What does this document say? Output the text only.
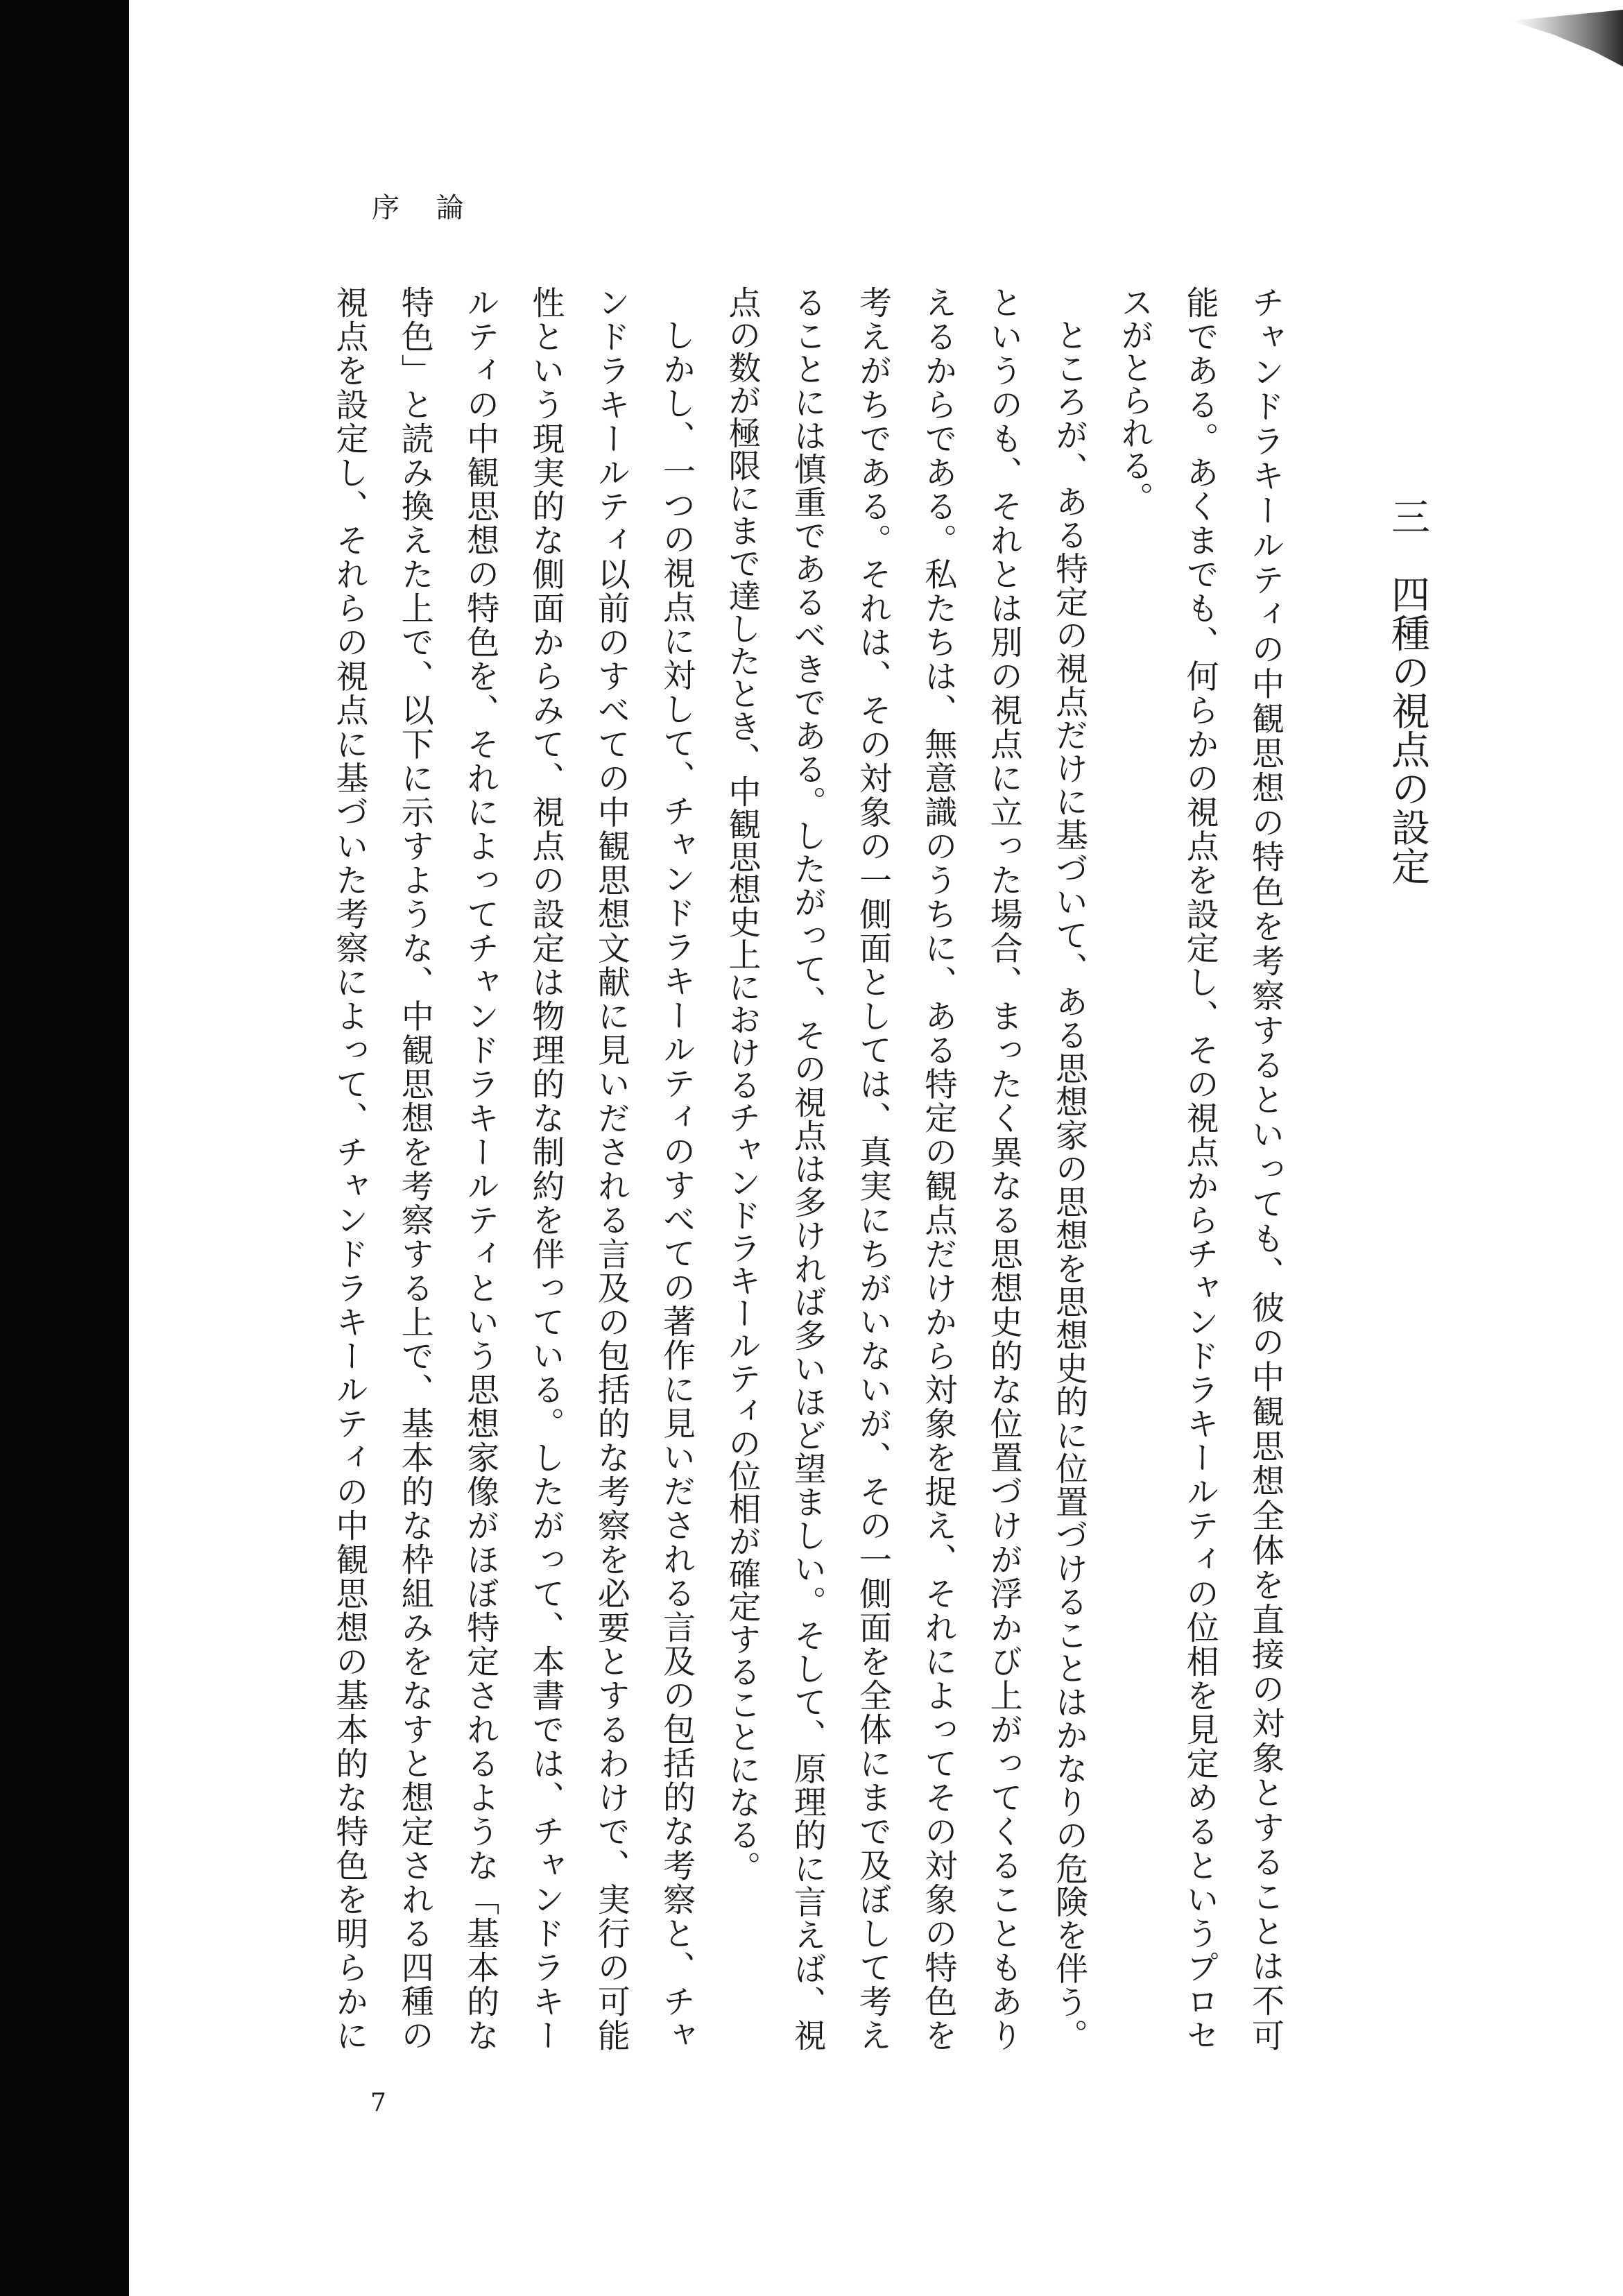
序 論
三四種の視点の設定
チャンドラキールティの中観思想の特色を考察するといっても、彼の中観思想全体を直接の対象とすることは不可
能である。あくまでも、何らかの視点を設定し、その視点からチャンドラキールティの位相を見定めるというプロセ
スがとられる。
ところが、ある特定の視点だけに基づいて、ある思想家の思想を思想史的に位置づけることはかなりの危険を伴う。
というのも、それとは別の視点に立った場合、まったく異なる思想史的な位置づけが浮かび上がってくることもあり
えるからである。私たちは、無意識のうちに、ある特定の観点だけから対象を捉え、それによってその対象の特色を
考えがちである。それは、その対象の一側面としては、真実にちがいないが、その一側面を全体にまで及ぼして考え
ることには慎重であるべきである。したがって、その視点は多ければ多いほど望ましい。そして、原理的に言えば、視
点の数が極限にまで達したとき、中観思想史上におけるチャンドラキールティの位相が確定することになる。
しかし、一つの視点に対して、チャンドラキールティのすべての著作に見いだされる言及の包括的な考察と、チャ
ンドラキールティ以前のすべての中観思想文献に見いだされる言及の包括的な考察を必要とするわけで、実行の可能
性という現実的な側面からみて、視点の設定は物理的な制約を伴っている。したがって、本書では、チャンドラキー
ルティの中観思想の特色を、それによってチャンドラキールティという思想家像がほぼ特定されるような「基本的な
特色」と読み換えた上で、以下に示すような、中観思想を考察する上で、基本的な枠組みをなすと想定される四種の
視点を設定し、それらの視点に基づいた考察によって、チャンドラキールティの中観思想の基本的な特色を明らかに
7
